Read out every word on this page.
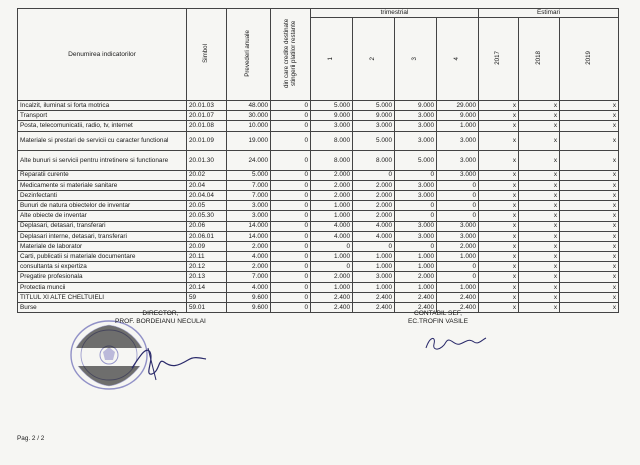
Denumirea indicatorilor	Simbol	Prevederi anuale	din care credite destinate stingerii platilor restante	trimestrial				Estimari		
				1	2	3	4	2017	2018	2019
Incalzit, iluminat si forta motrica	20.01.03	48.000	0	5.000	5.000	9.000	29.000	x	x	x
Transport	20.01.07	30.000	0	9.000	9.000	3.000	9.000	x	x	x
Posta, telecomunicatii, radio, tv, internet	20.01.08	10.000	0	3.000	3.000	3.000	1.000	x	x	x
Materiale si prestari de servicii cu caracter functional	20.01.09	19.000	0	8.000	5.000	3.000	3.000	x	x	x
Alte bunuri si servicii pentru intretinere si functionare	20.01.30	24.000	0	8.000	8.000	5.000	3.000	x	x	x
Reparatii curente	20.02	5.000	0	2.000	0	0	3.000	x	x	x
Medicamente si materiale sanitare	20.04	7.000	0	2.000	2.000	3.000	0	x	x	x
Dezinfectanti	20.04.04	7.000	0	2.000	2.000	3.000	0	x	x	x
Bunuri de natura obiectelor de inventar	20.05	3.000	0	1.000	2.000	0	0	x	x	x
Alte obiecte de inventar	20.05.30	3.000	0	1.000	2.000	0	0	x	x	x
Deplasari, detasari, transferari	20.06	14.000	0	4.000	4.000	3.000	3.000	x	x	x
Deplasari interne, detasari, transferari	20.06.01	14.000	0	4.000	4.000	3.000	3.000	x	x	x
Materiale de laborator	20.09	2.000	0	0	0	0	2.000	x	x	x
Carti, publicatii si materiale documentare	20.11	4.000	0	1.000	1.000	1.000	1.000	x	x	x
consultanta si expertiza	20.12	2.000	0	0	1.000	1.000	0	x	x	x
Pregatire profesionala	20.13	7.000	0	2.000	3.000	2.000	0	x	x	x
Protectia muncii	20.14	4.000	0	1.000	1.000	1.000	1.000	x	x	x
TITLUL XI ALTE CHELTUIELI	59	9.600	0	2.400	2.400	2.400	2.400	x	x	x
Burse	59.01	9.600	0	2.400	2.400	2.400	2.400	x	x	x
DIRECTOR,
PROF. BORDEIANU NECULAI
CONTABIL SEF,
EC.TROFIN VASILE
Pag. 2 / 2
